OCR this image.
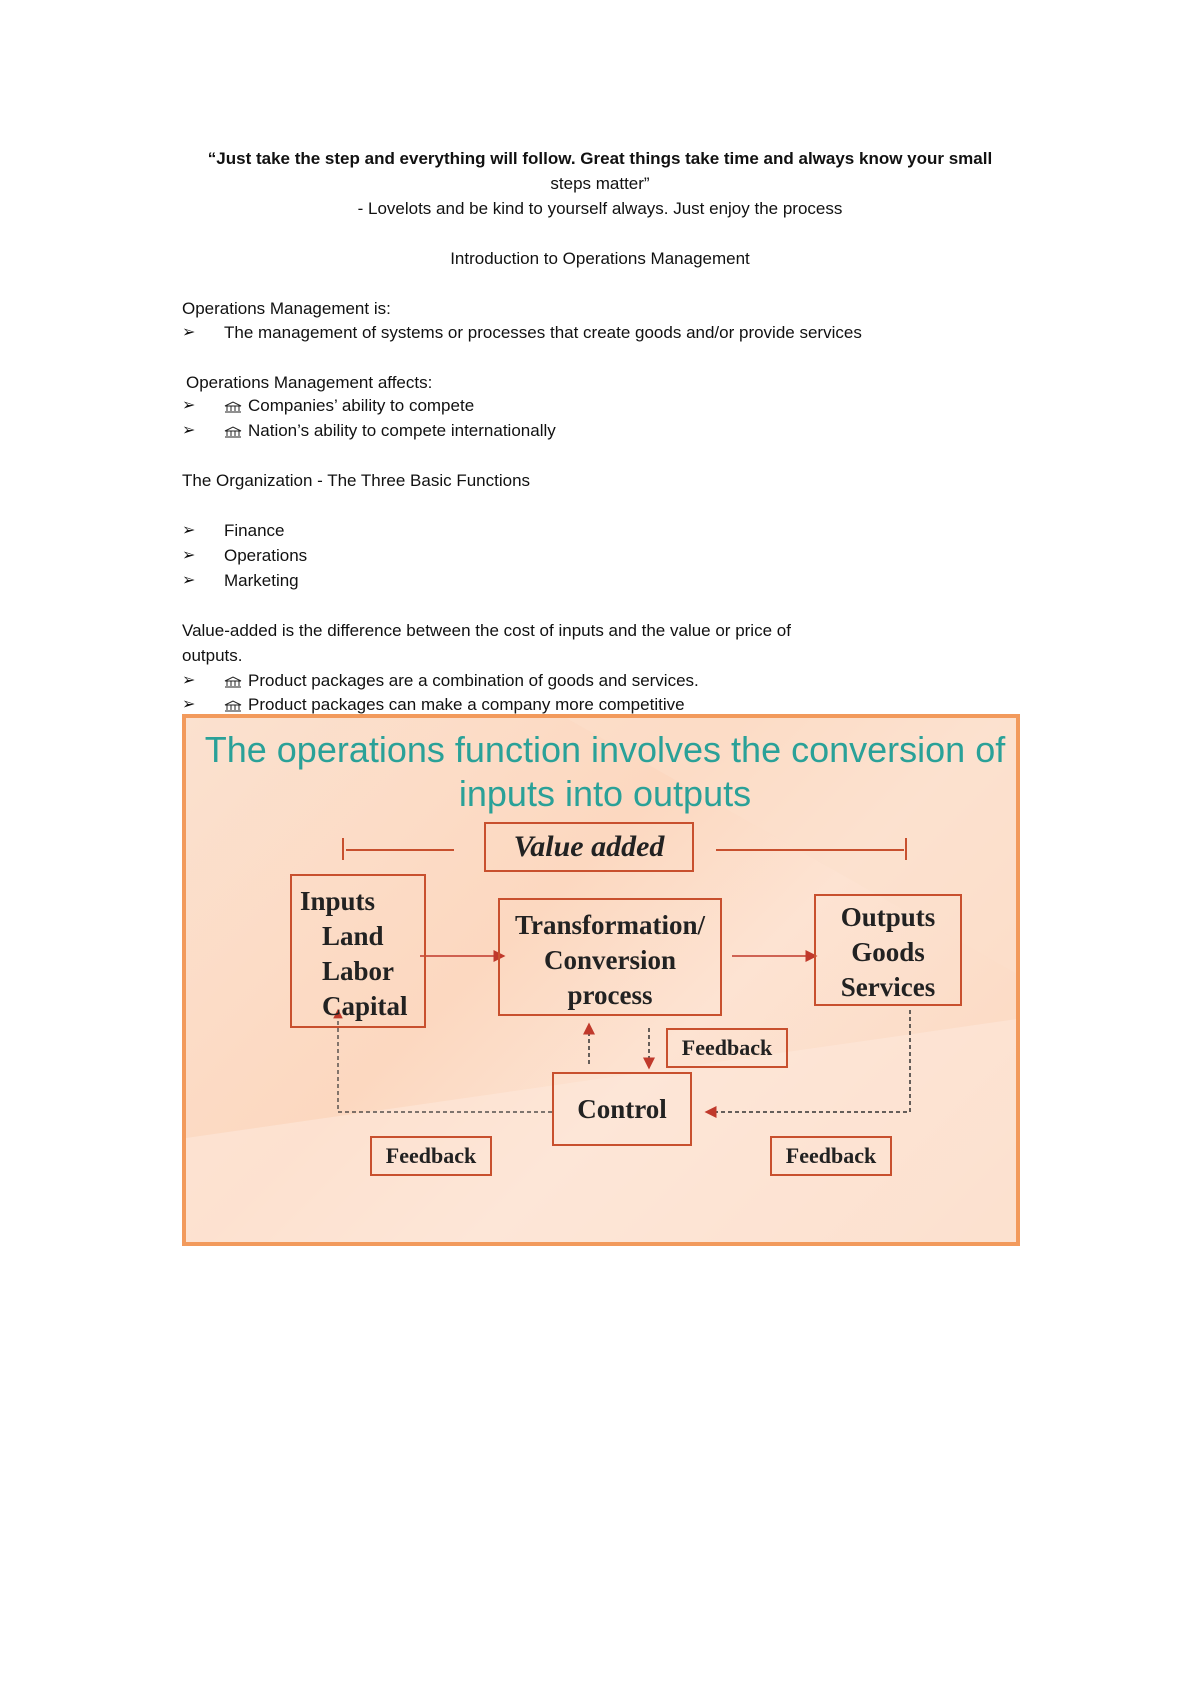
“Just take the step and everything will follow. Great things take time and always know your small
steps matter”
- Lovelots and be kind to yourself always. Just enjoy the process
Introduction to Operations Management
Operations Management is:
➢ The management of systems or processes that create goods and/or provide services
Operations Management affects:
➢	Companies’ ability to compete
➢	Nation’s ability to compete internationally
The Organization - The Three Basic Functions
➢ Finance
➢ Operations
➢ Marketing
Value-added is the difference between the cost of inputs and the value or price of
outputs.
➢	Product packages are a combination of goods and services.
➢	Product packages can make a company more competitive
The operations function involves the conversion of
inputs into outputs
Value added
Inputs
Land
Labor
Capital
Transformation/
Conversion
process
Outputs
Goods
Services
Feedback
Control
Feedback	Feedback
